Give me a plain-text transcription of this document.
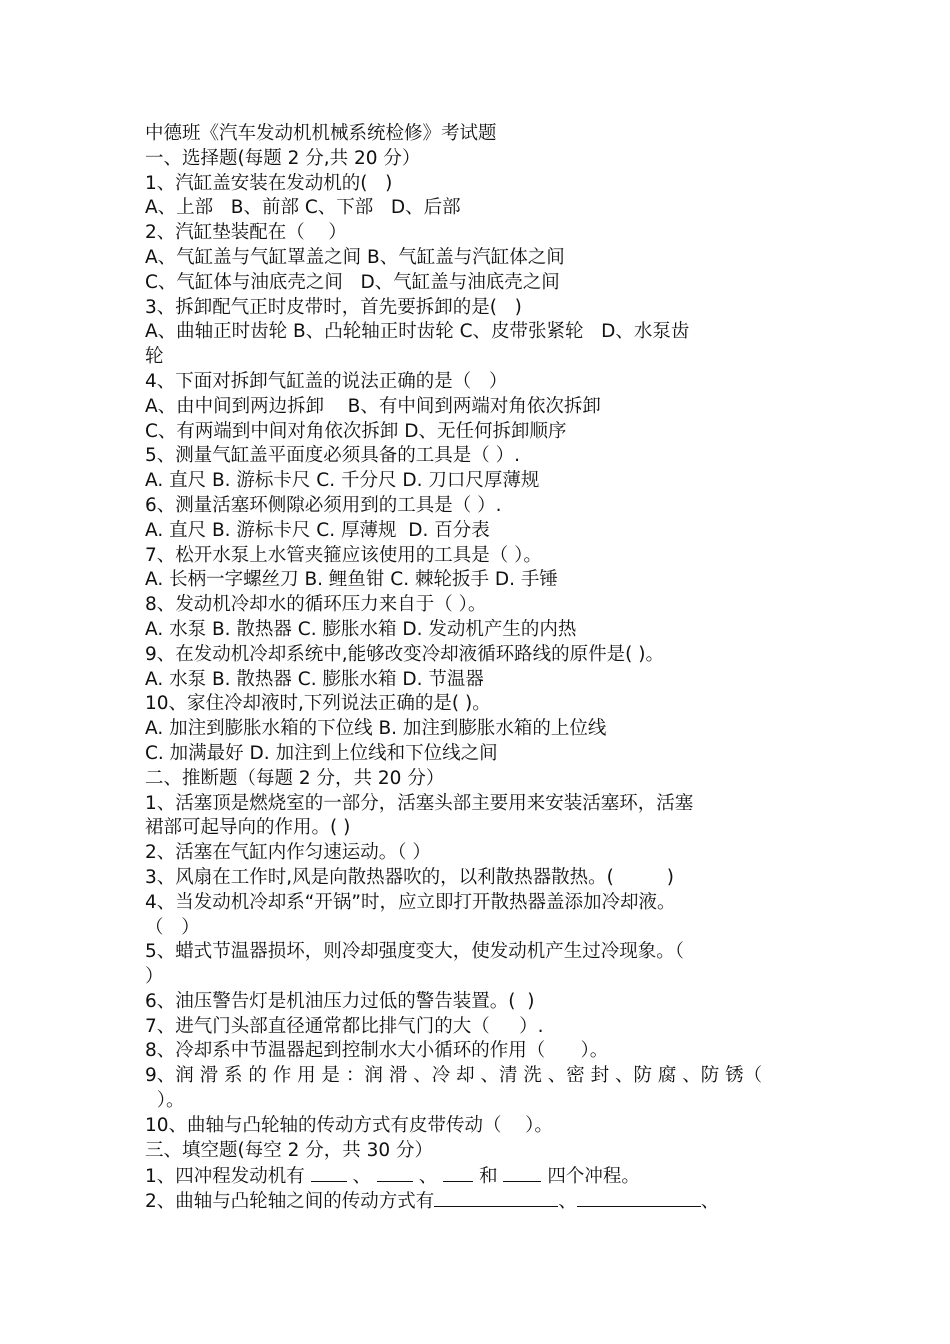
中德班《汽车发动机机械系统检修》考试题
一、选择题(每题 2 分,共 20 分）
1、汽缸盖安装在发动机的(   )
A、上部   B、前部 C、下部   D、后部
2、汽缸垫装配在（    ）
A、气缸盖与气缸罩盖之间 B、气缸盖与汽缸体之间
C、气缸体与油底壳之间   D、气缸盖与油底壳之间
3、拆卸配气正时皮带时，首先要拆卸的是(   )
A、曲轴正时齿轮 B、凸轮轴正时齿轮 C、皮带张紧轮   D、水泵齿
轮
4、下面对拆卸气缸盖的说法正确的是（   ）
A、由中间到两边拆卸    B、有中间到两端对角依次拆卸
C、有两端到中间对角依次拆卸 D、无任何拆卸顺序
5、测量气缸盖平面度必须具备的工具是（ ）.
A. 直尺 B. 游标卡尺 C. 千分尺 D. 刀口尺厚薄规
6、测量活塞环侧隙必须用到的工具是（ ）.
A. 直尺 B. 游标卡尺 C. 厚薄规  D. 百分表
7、松开水泵上水管夹箍应该使用的工具是（ ）。
A. 长柄一字螺丝刀 B. 鲤鱼钳 C. 棘轮扳手 D. 手锤
8、发动机冷却水的循环压力来自于（ ）。
A. 水泵 B. 散热器 C. 膨胀水箱 D. 发动机产生的内热
9、在发动机冷却系统中,能够改变冷却液循环路线的原件是( )。
A. 水泵 B. 散热器 C. 膨胀水箱 D. 节温器
10、家住冷却液时,下列说法正确的是( )。
A. 加注到膨胀水箱的下位线 B. 加注到膨胀水箱的上位线
C. 加满最好 D. 加注到上位线和下位线之间
二、推断题（每题 2 分，共 20 分）
1、活塞顶是燃烧室的一部分，活塞头部主要用来安装活塞环，活塞
裙部可起导向的作用。( )
2、活塞在气缸内作匀速运动。（ ）
3、风扇在工作时,风是向散热器吹的，以利散热器散热。(         )
4、当发动机冷却系“开锅”时，应立即打开散热器盖添加冷却液。
（   ）
5、蜡式节温器损坏，则冷却强度变大，使发动机产生过冷现象。（
）
6、油压警告灯是机油压力过低的警告装置。(  )
7、进气门头部直径通常都比排气门的大（     ）.
8、冷却系中节温器起到控制水大小循环的作用（      ）。
9、润 滑 系 的 作 用 是 ：润 滑 、冷 却 、清 洗 、密 封 、防 腐 、防 锈（
）。
10、曲轴与凸轮轴的传动方式有皮带传动（    ）。
三、填空题(每空 2 分，共 30 分）
1、四冲程发动机有  、  、  和  四个冲程。
2、曲轴与凸轮轴之间的传动方式有	、	、
